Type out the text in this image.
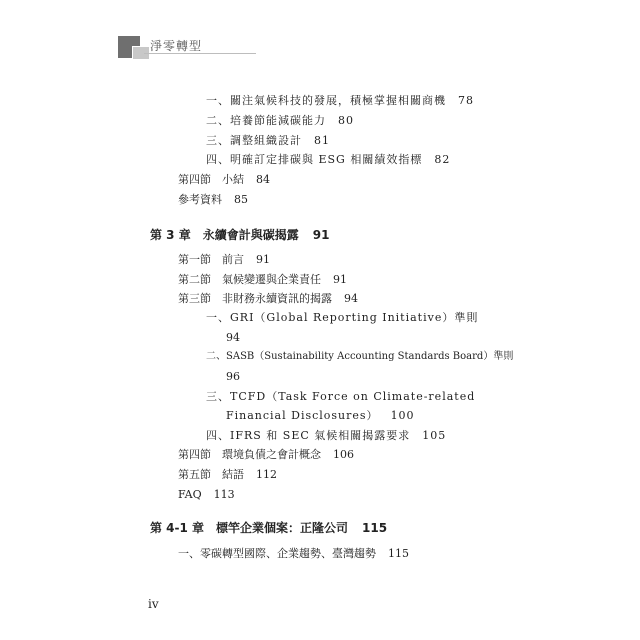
淨零轉型
一、關注氣候科技的發展，積極掌握相關商機 78
二、培養節能減碳能力 80
三、調整組織設計 81
四、明確訂定排碳與 ESG 相關績效指標 82
第四節　小結 84
參考資料 85
第 3 章　永續會計與碳揭露 91
第一節　前言 91
第二節　氣候變遷與企業責任 91
第三節　非財務永續資訊的揭露 94
一、GRI（Global Reporting Initiative）準則
94
二、SASB（Sustainability Accounting Standards Board）準則
96
三、TCFD（Task Force on Climate-related
Financial Disclosures） 100
四、IFRS 和 SEC 氣候相關揭露要求 105
第四節　環境負債之會計概念 106
第五節　結語 112
FAQ 113
第 4-1 章　標竿企業個案：正隆公司 115
一、零碳轉型國際、企業趨勢、臺灣趨勢 115
iv
